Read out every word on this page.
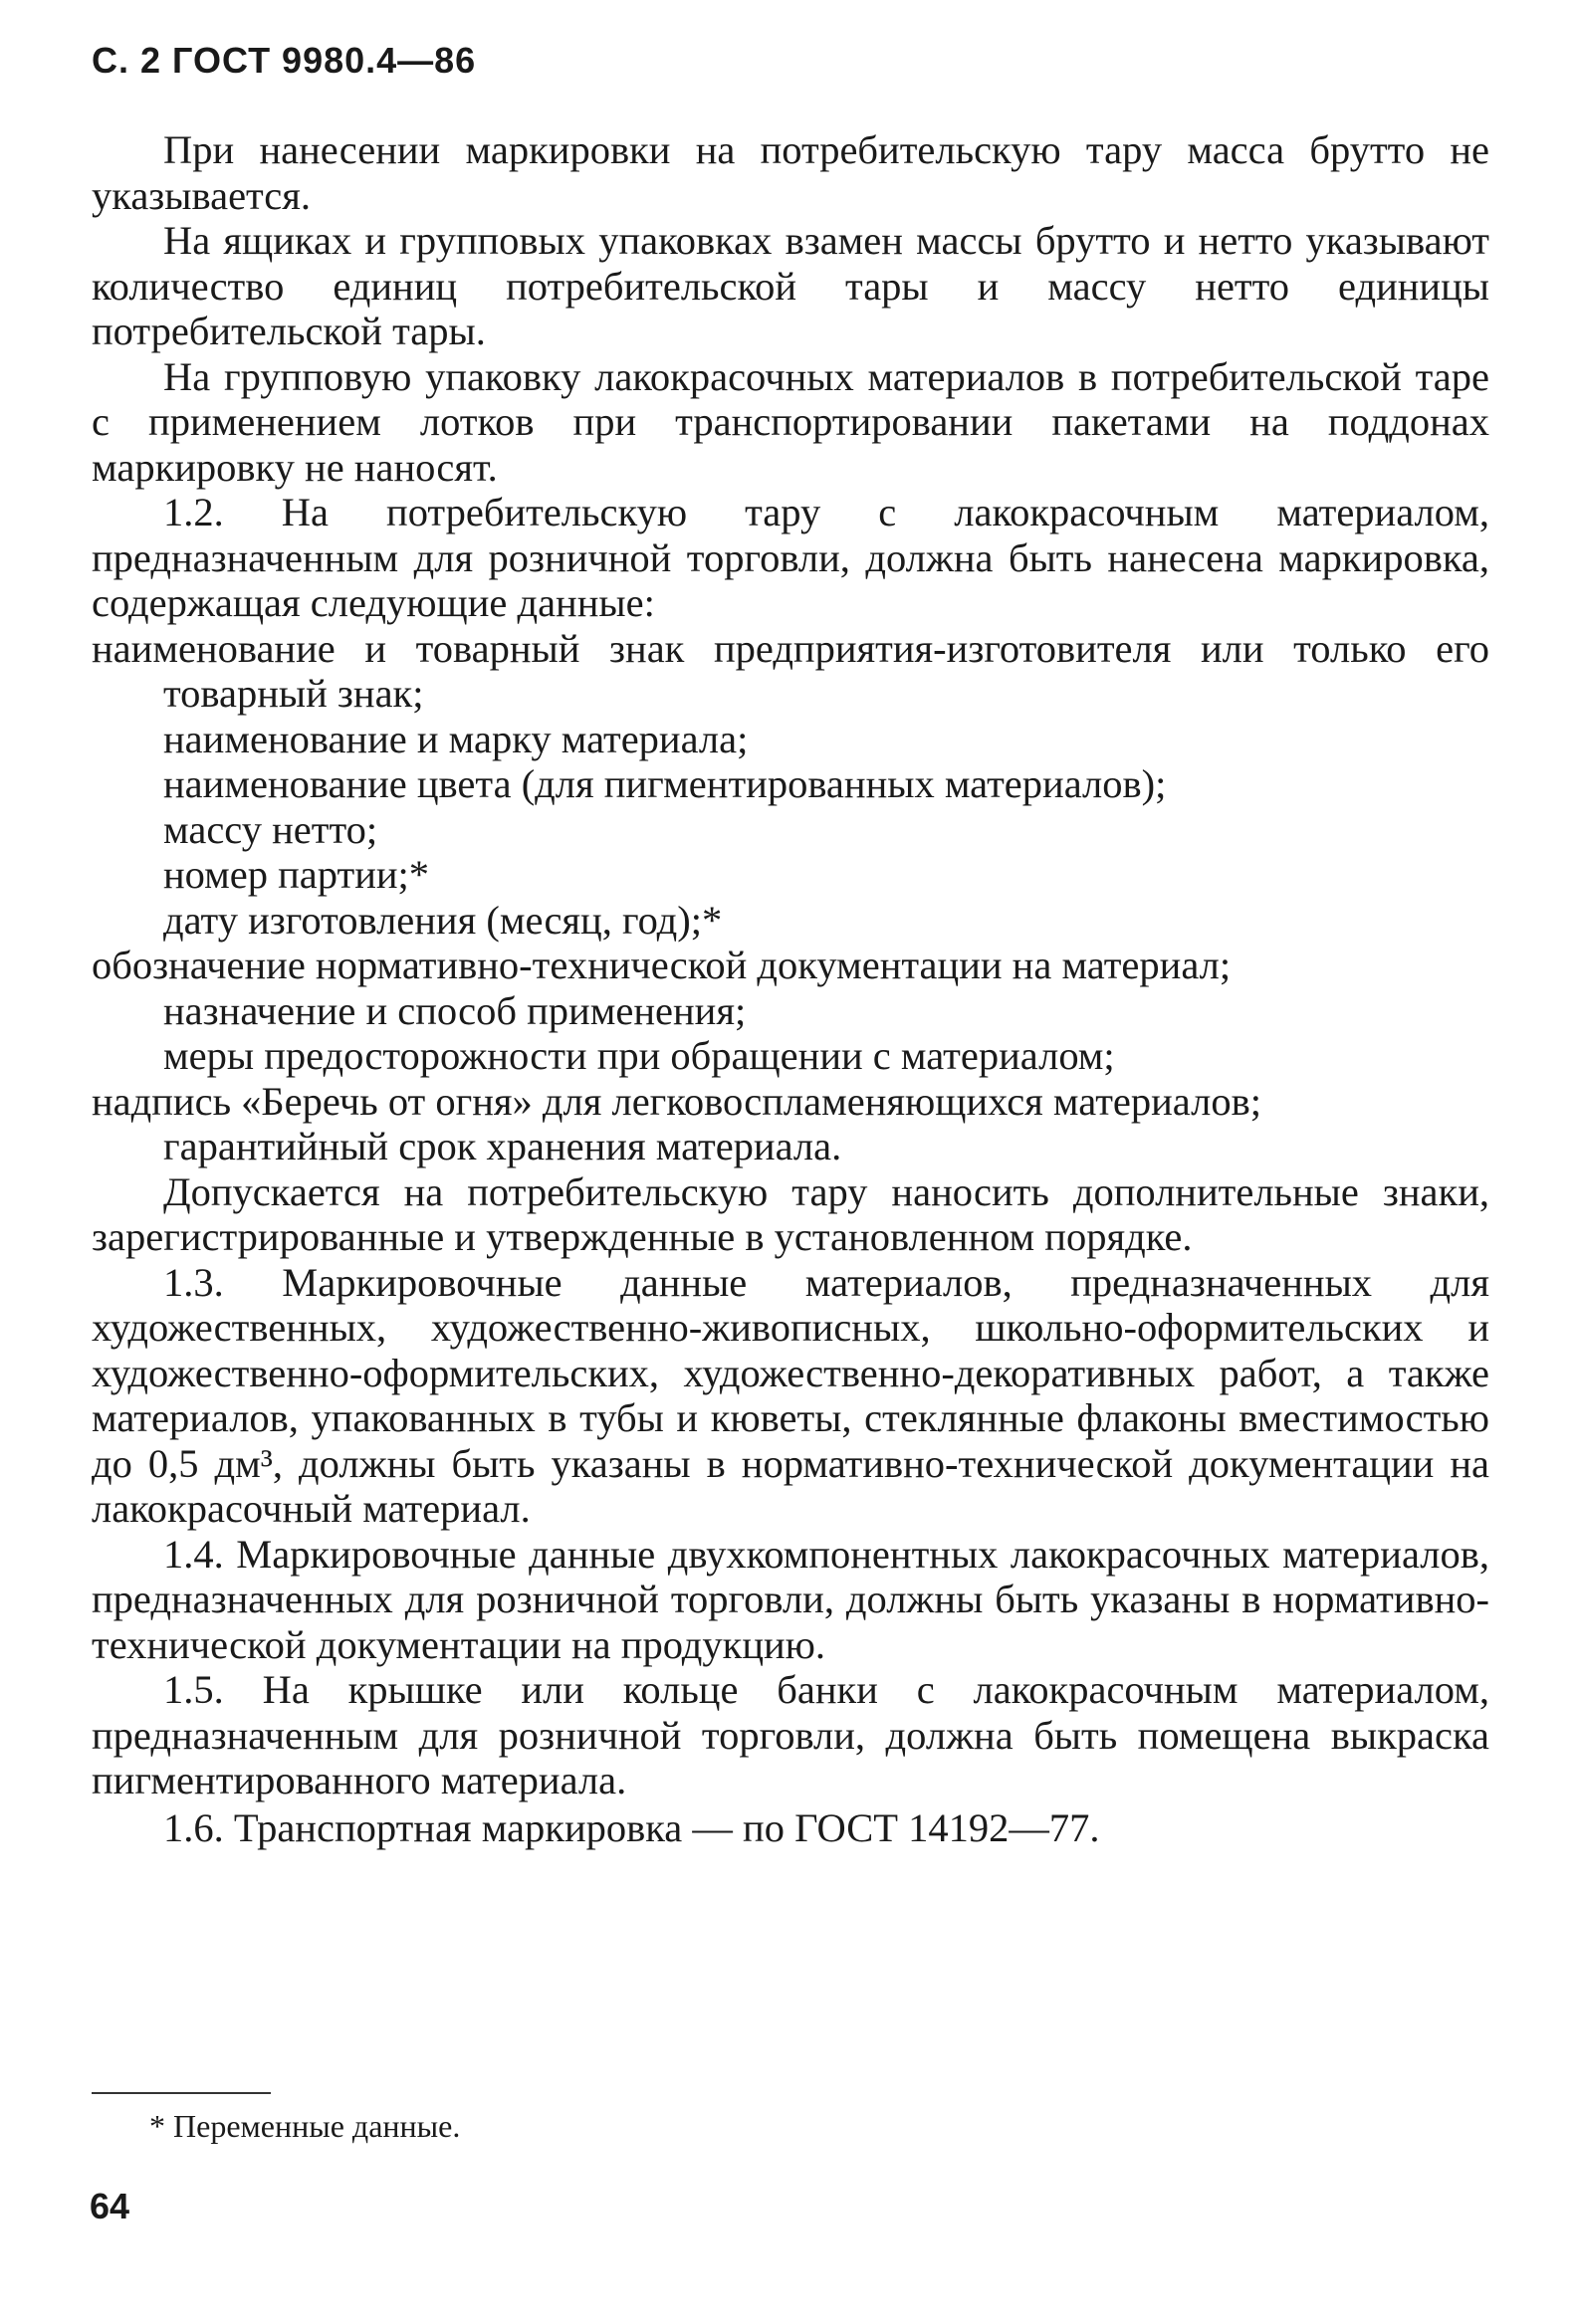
С. 2 ГОСТ 9980.4—86

При нанесении маркировки на потребительскую тару масса брутто не указывается.

На ящиках и групповых упаковках взамен массы брутто и нетто указывают количество единиц потребительской тары и массу нетто единицы потребительской тары.

На групповую упаковку лакокрасочных материалов в потребительской таре с применением лотков при транспортировании пакетами на поддонах маркировку не наносят.

1.2. На потребительскую тару с лакокрасочным материалом, предназначенным для розничной торговли, должна быть нанесена маркировка, содержащая следующие данные:

наименование и товарный знак предприятия-изготовителя или только его товарный знак;

наименование и марку материала;

наименование цвета (для пигментированных материалов);

массу нетто;

номер партии;*

дату изготовления (месяц, год);*

обозначение нормативно-технической документации на материал;

назначение и способ применения;

меры предосторожности при обращении с материалом;

надпись «Беречь от огня» для легковоспламеняющихся материалов;

гарантийный срок хранения материала.

Допускается на потребительскую тару наносить дополнительные знаки, зарегистрированные и утвержденные в установленном порядке.

1.3. Маркировочные данные материалов, предназначенных для художественных, художественно-живописных, школьно-оформительских и художественно-оформительских, художественно-декоративных работ, а также материалов, упакованных в тубы и кюветы, стеклянные флаконы вместимостью до 0,5 дм³, должны быть указаны в нормативно-технической документации на лакокрасочный материал.

1.4. Маркировочные данные двухкомпонентных лакокрасочных материалов, предназначенных для розничной торговли, должны быть указаны в нормативно-технической документации на продукцию.

1.5. На крышке или кольце банки с лакокрасочным материалом, предназначенным для розничной торговли, должна быть помещена выкраска пигментированного материала.

1.6. Транспортная маркировка — по ГОСТ 14192—77.

* Переменные данные.
64
